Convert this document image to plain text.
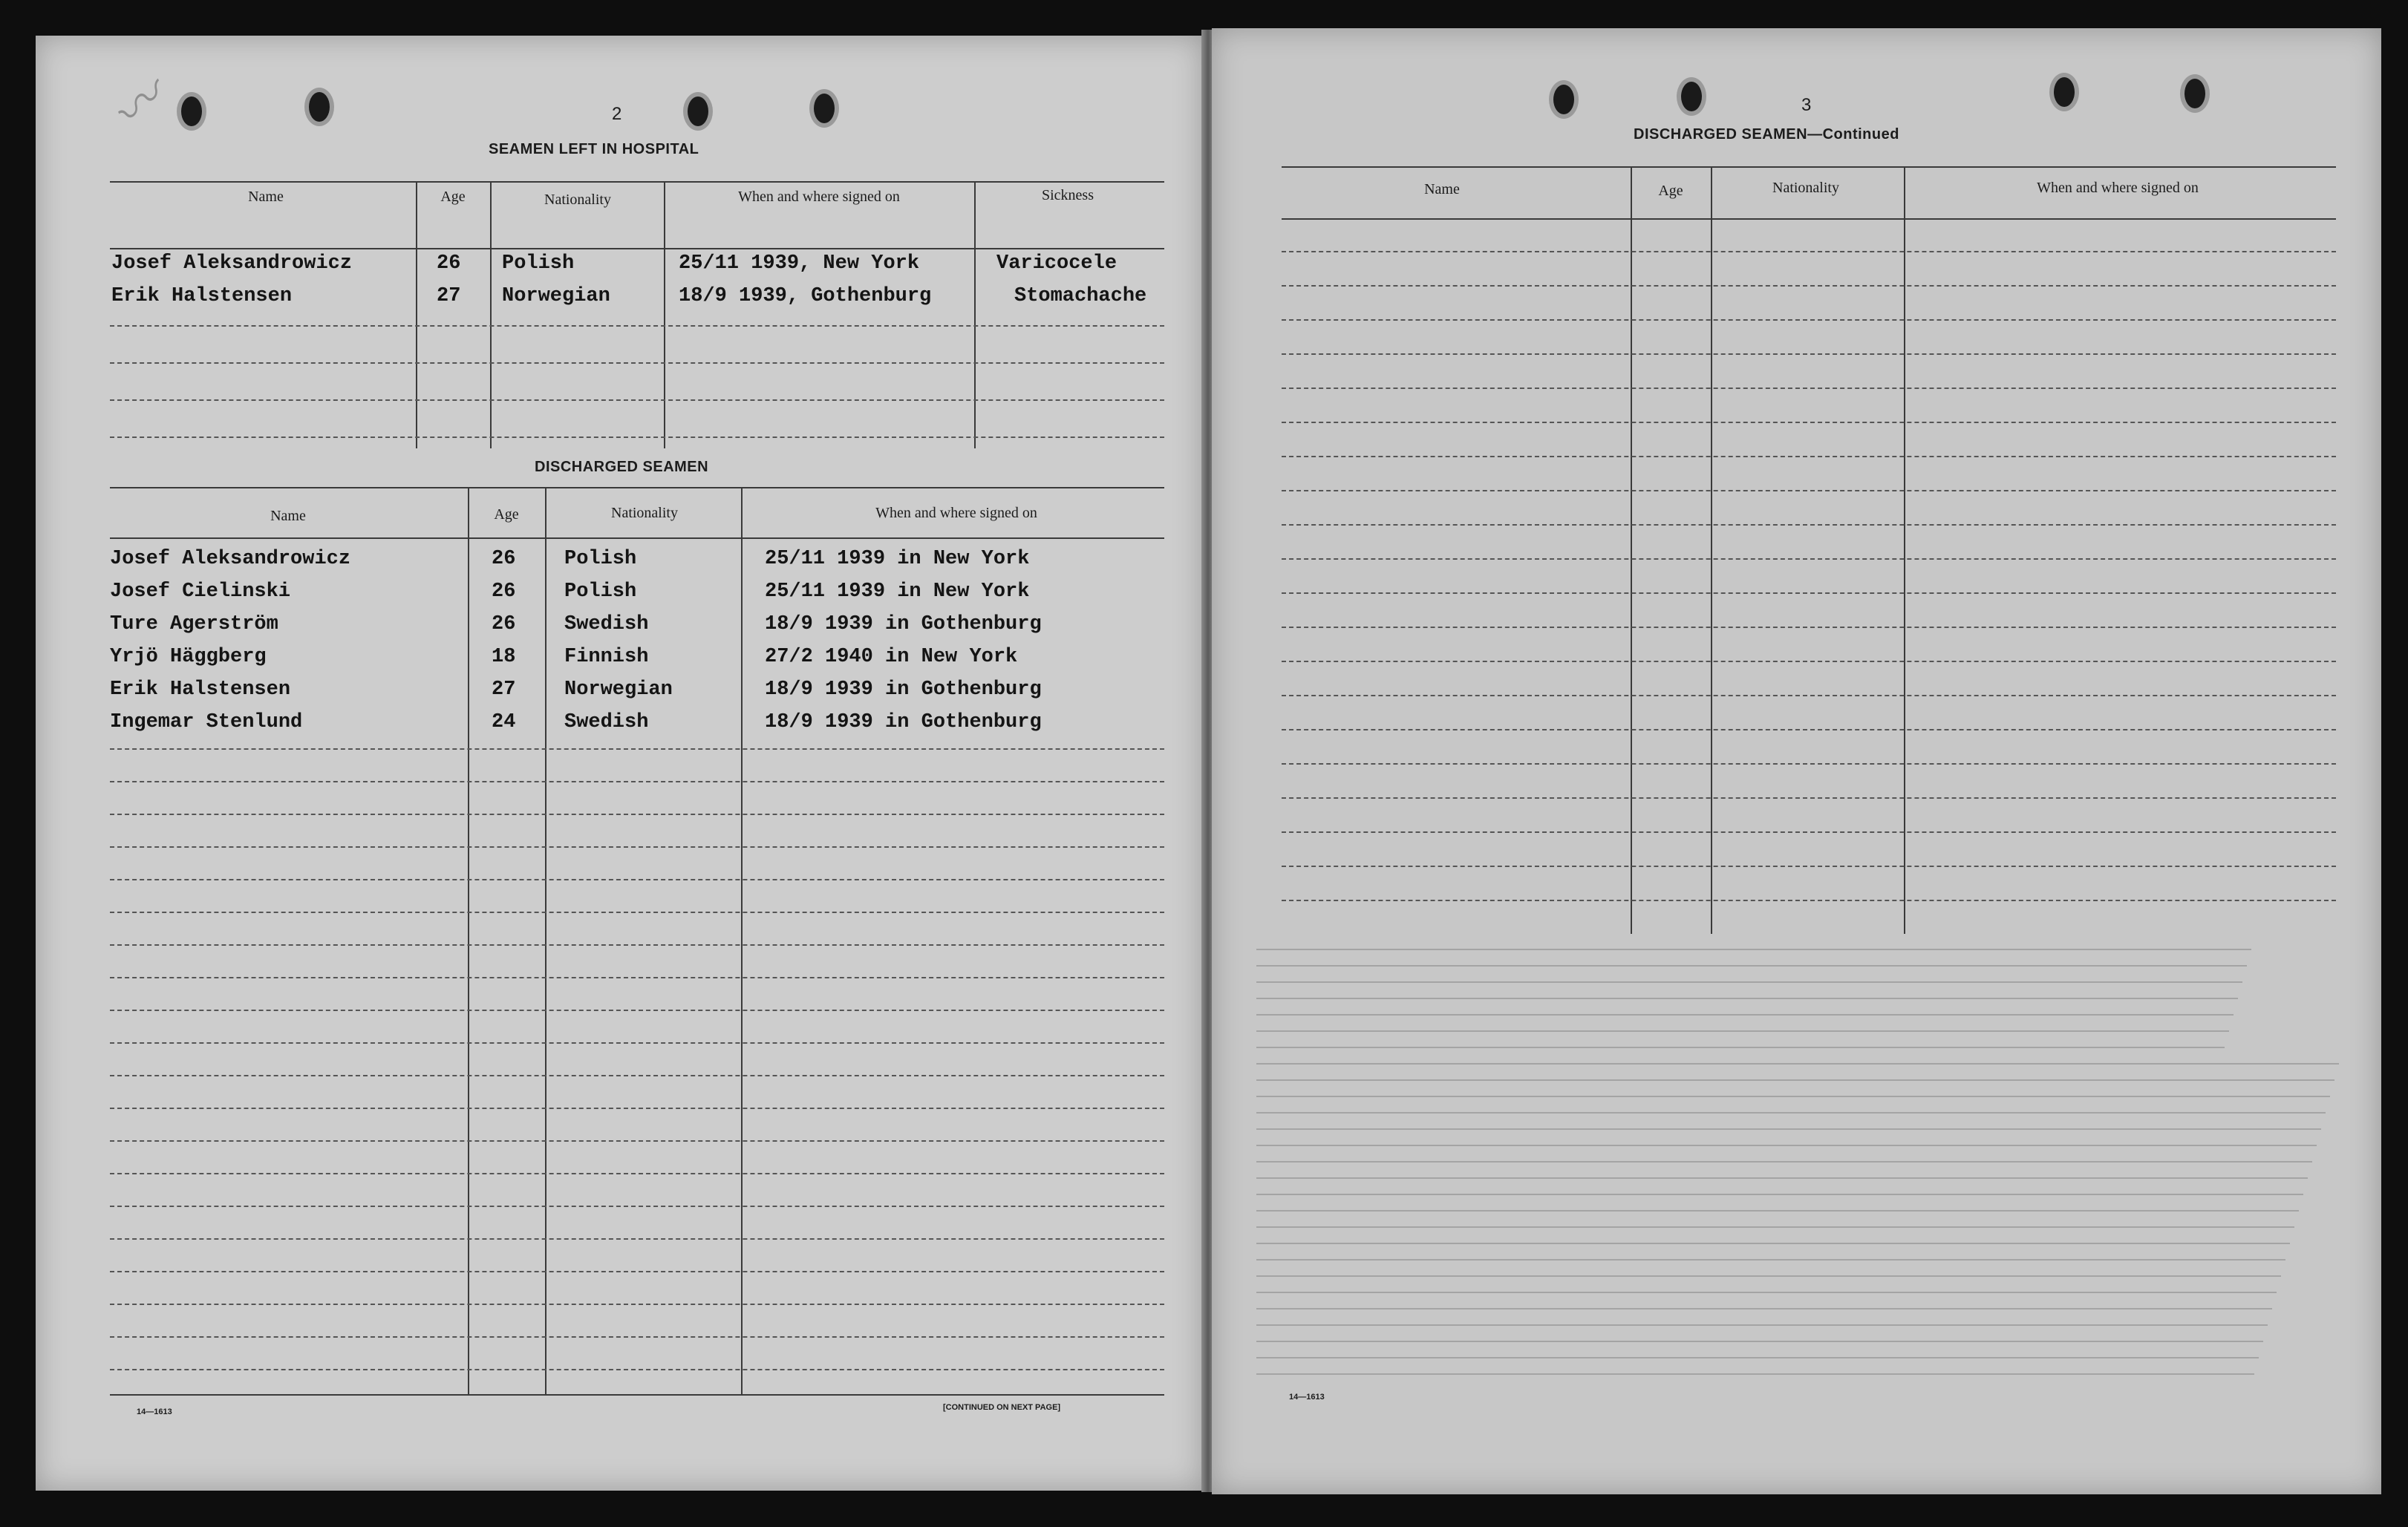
〰
	2
SEAMEN LEFT IN HOSPITAL
Name	Age	Nationality	When and where signed on	Sickness
Josef Aleksandrowicz	26 Polish	25/11 1939, New York	Varicocele
Erik Halstensen	27 Norwegian	18/9 1939, Gothenburg	Stomachache
DISCHARGED SEAMEN
Name	Age	Nationality	When and where signed on
Josef Aleksandrowicz	26 Polish	25/11 1939 in New York
Josef Cielinski	26 Polish	25/11 1939 in New York
Ture Agerström	26 Swedish	18/9 1939 in Gothenburg
Yrjö Häggberg	18 Finnish	27/2 1940 in New York
Erik Halstensen	27 Norwegian	18/9 1939 in Gothenburg
Ingemar Stenlund	24 Swedish	18/9 1939 in Gothenburg
14—1613	[CONTINUED ON NEXT PAGE]
3
DISCHARGED SEAMEN—Continued
Name	Age	Nationality	When and where signed on
14—1613
